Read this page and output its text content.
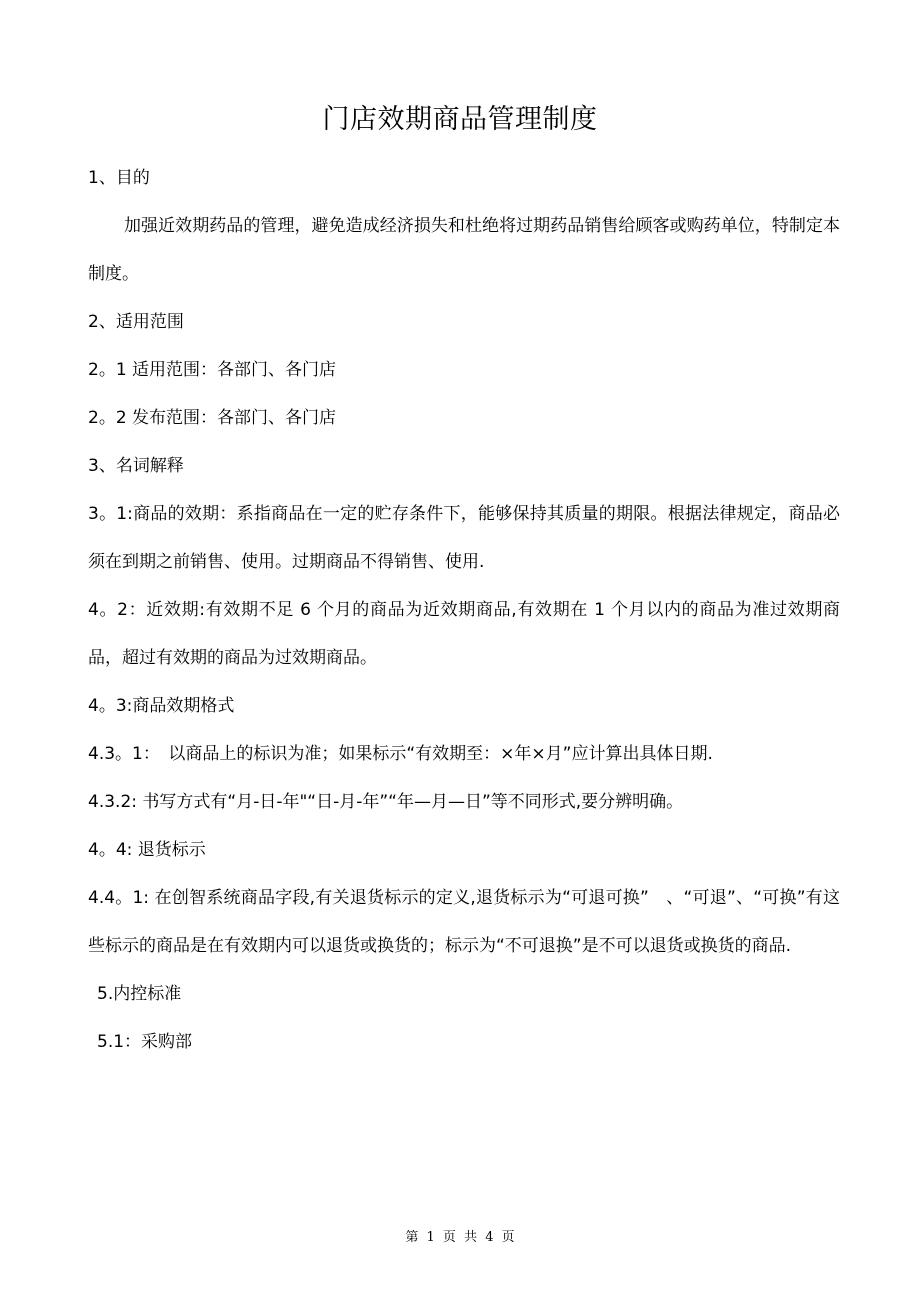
门店效期商品管理制度

1、目的

加强近效期药品的管理，避免造成经济损失和杜绝将过期药品销售给顾客或购药单位，特制定本制度。

2、适用范围

2。1 适用范围：各部门、各门店

2。2 发布范围：各部门、各门店

3、名词解释

3。1:商品的效期：系指商品在一定的贮存条件下，能够保持其质量的期限。根据法律规定，商品必须在到期之前销售、使用。过期商品不得销售、使用.

4。2：近效期:有效期不足 6 个月的商品为近效期商品,有效期在 1 个月以内的商品为准过效期商品，超过有效期的商品为过效期商品。

4。3:商品效期格式

4.3。1：　以商品上的标识为准；如果标示“有效期至：×年×月”应计算出具体日期.

4.3.2: 书写方式有“月-日-年"“日-月-年”“年—月—日”等不同形式,要分辨明确。

4。4: 退货标示

4.4。1: 在创智系统商品字段,有关退货标示的定义,退货标示为“可退可换”　、“可退”、“可换”有这些标示的商品是在有效期内可以退货或换货的；标示为“不可退换”是不可以退货或换货的商品.

5.内控标准

5.1：采购部

第 1 页 共 4 页
